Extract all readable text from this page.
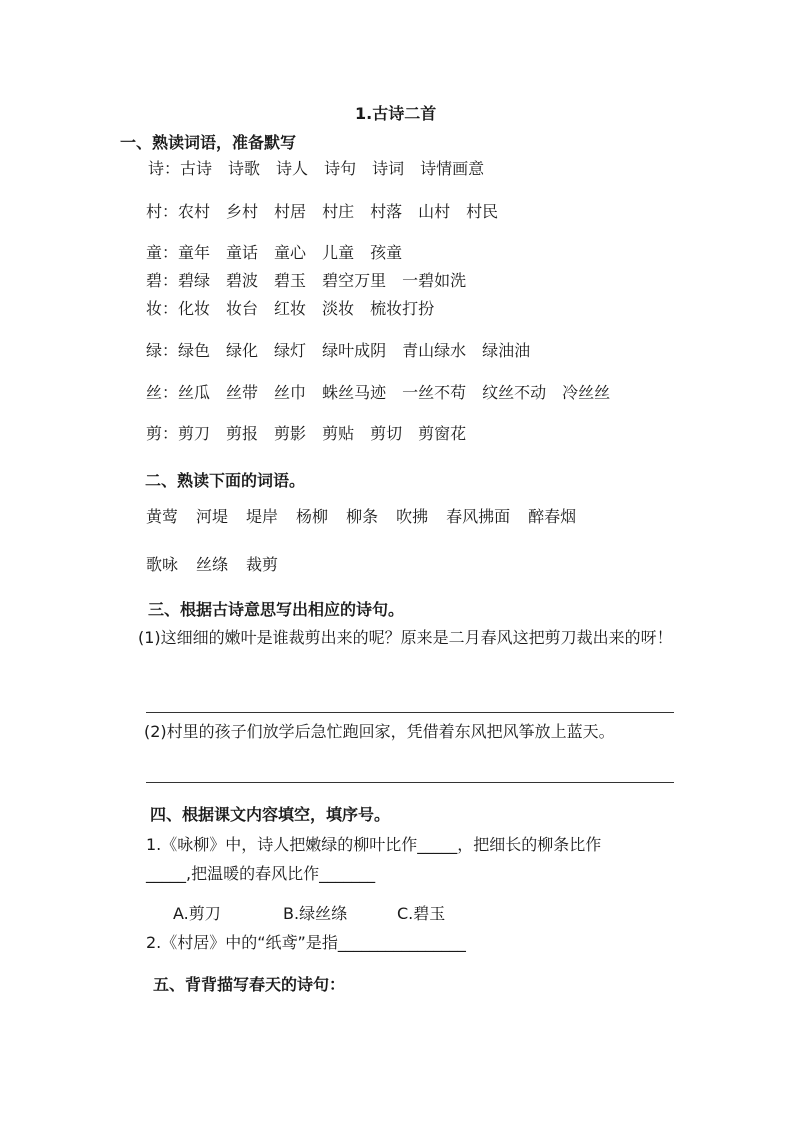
1.古诗二首
一、熟读词语，准备默写
诗：古诗 诗歌 诗人 诗句 诗词 诗情画意
村：农村 乡村 村居 村庄 村落 山村 村民
童：童年 童话 童心 儿童 孩童
碧：碧绿 碧波 碧玉 碧空万里 一碧如洗
妆：化妆 妆台 红妆 淡妆 梳妆打扮
绿：绿色 绿化 绿灯 绿叶成阴 青山绿水 绿油油
丝：丝瓜 丝带 丝巾 蛛丝马迹 一丝不苟 纹丝不动 冷丝丝
剪：剪刀 剪报 剪影 剪贴 剪切 剪窗花
二、熟读下面的词语。
黄莺 河堤 堤岸 杨柳 柳条 吹拂 春风拂面 醉春烟
歌咏 丝绦 裁剪
三、根据古诗意思写出相应的诗句。
(1)这细细的嫩叶是谁裁剪出来的呢？原来是二月春风这把剪刀裁出来的呀！
(2)村里的孩子们放学后急忙跑回家，凭借着东风把风筝放上蓝天。
四、根据课文内容填空，填序号。
1.《咏柳》中，诗人把嫩绿的柳叶比作_____，把细长的柳条比作
_____,把温暖的春风比作_______
A.剪刀	B.绿丝绦	C.碧玉
2.《村居》中的“纸鸢”是指________________
五、背背描写春天的诗句：
